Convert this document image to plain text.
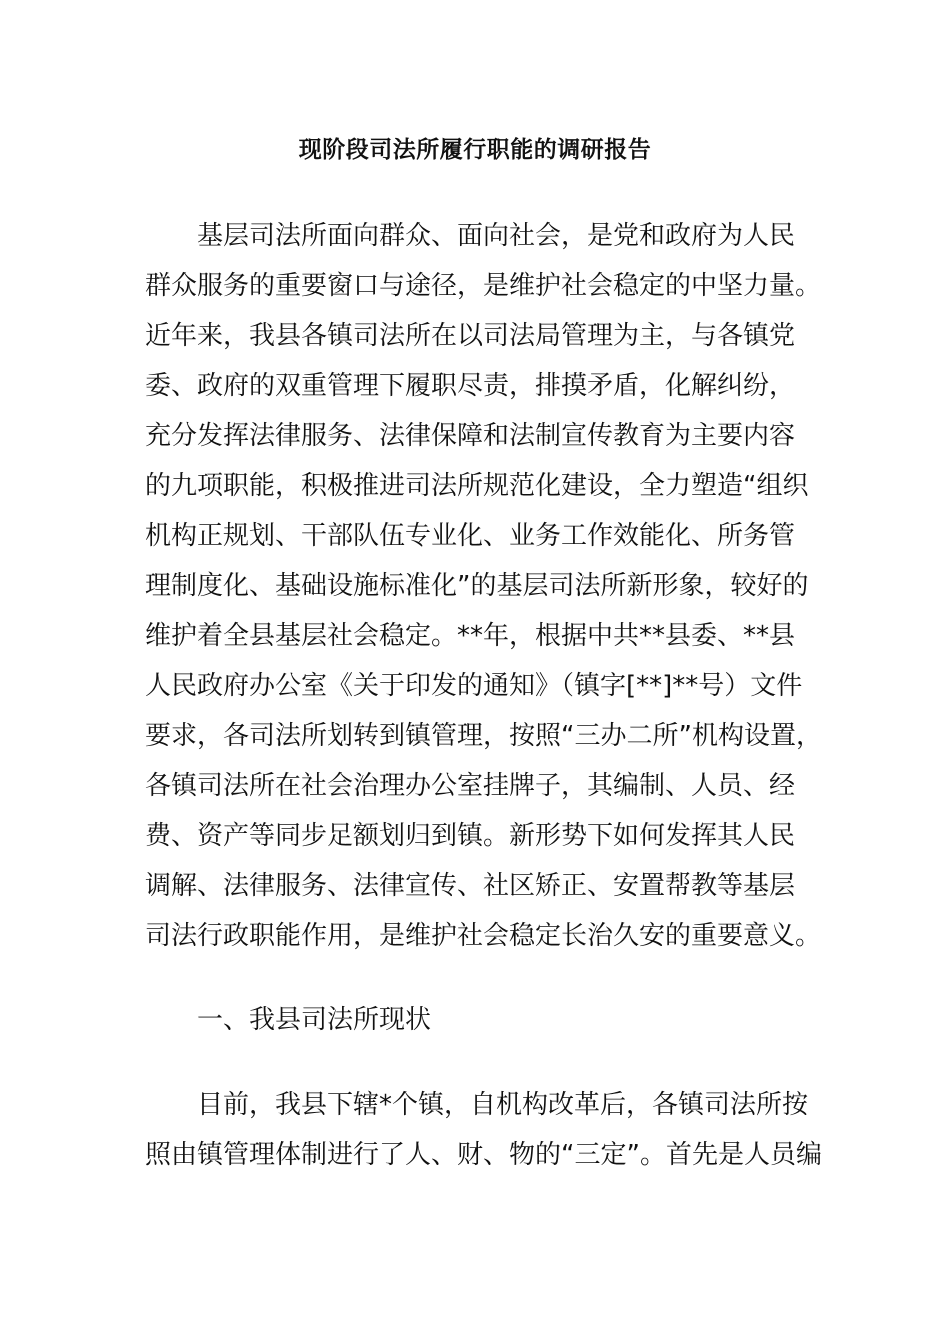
现阶段司法所履行职能的调研报告

基层司法所面向群众、面向社会，是党和政府为人民

群众服务的重要窗口与途径，是维护社会稳定的中坚力量。

近年来，我县各镇司法所在以司法局管理为主，与各镇党

委、政府的双重管理下履职尽责，排摸矛盾，化解纠纷，

充分发挥法律服务、法律保障和法制宣传教育为主要内容

的九项职能，积极推进司法所规范化建设，全力塑造“组织

机构正规划、干部队伍专业化、业务工作效能化、所务管

理制度化、基础设施标准化”的基层司法所新形象，较好的

维护着全县基层社会稳定。**年，根据中共**县委、**县

人民政府办公室《关于印发的通知》（镇字[**]**号）文件

要求，各司法所划转到镇管理，按照“三办二所”机构设置，

各镇司法所在社会治理办公室挂牌子，其编制、人员、经

费、资产等同步足额划归到镇。新形势下如何发挥其人民

调解、法律服务、法律宣传、社区矫正、安置帮教等基层

司法行政职能作用，是维护社会稳定长治久安的重要意义。

一、我县司法所现状

目前，我县下辖*个镇，自机构改革后，各镇司法所按

照由镇管理体制进行了人、财、物的“三定”。首先是人员编
